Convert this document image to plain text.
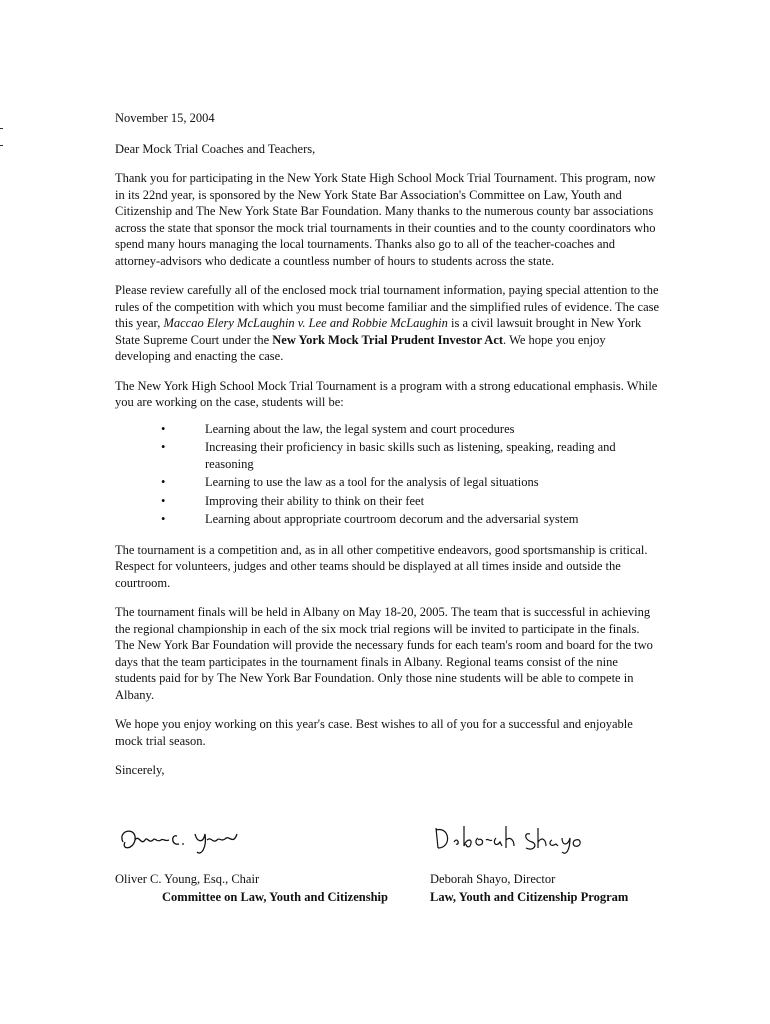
November 15, 2004

Dear Mock Trial Coaches and Teachers,

Thank you for participating in the New York State High School Mock Trial Tournament. This program, now in its 22nd year, is sponsored by the New York State Bar Association's Committee on Law, Youth and Citizenship and The New York State Bar Foundation. Many thanks to the numerous county bar associations across the state that sponsor the mock trial tournaments in their counties and to the county coordinators who spend many hours managing the local tournaments. Thanks also go to all of the teacher-coaches and attorney-advisors who dedicate a countless number of hours to students across the state.

Please review carefully all of the enclosed mock trial tournament information, paying special attention to the rules of the competition with which you must become familiar and the simplified rules of evidence. The case this year, Maccao Elery McLaughin v. Lee and Robbie McLaughin is a civil lawsuit brought in New York State Supreme Court under the New York Mock Trial Prudent Investor Act. We hope you enjoy developing and enacting the case.

The New York High School Mock Trial Tournament is a program with a strong educational emphasis. While you are working on the case, students will be:

•	Learning about the law, the legal system and court procedures
•	Increasing their proficiency in basic skills such as listening, speaking, reading and reasoning
•	Learning to use the law as a tool for the analysis of legal situations
•	Improving their ability to think on their feet
•	Learning about appropriate courtroom decorum and the adversarial system

The tournament is a competition and, as in all other competitive endeavors, good sportsmanship is critical. Respect for volunteers, judges and other teams should be displayed at all times inside and outside the courtroom.

The tournament finals will be held in Albany on May 18-20, 2005. The team that is successful in achieving the regional championship in each of the six mock trial regions will be invited to participate in the finals. The New York Bar Foundation will provide the necessary funds for each team's room and board for the two days that the team participates in the tournament finals in Albany. Regional teams consist of the nine students paid for by The New York Bar Foundation. Only those nine students will be able to compete in Albany.

We hope you enjoy working on this year's case. Best wishes to all of you for a successful and enjoyable mock trial season.

Sincerely,

Oliver C. Young, Esq., Chair
Committee on Law, Youth and Citizenship
Deborah Shayo, Director
Law, Youth and Citizenship Program
